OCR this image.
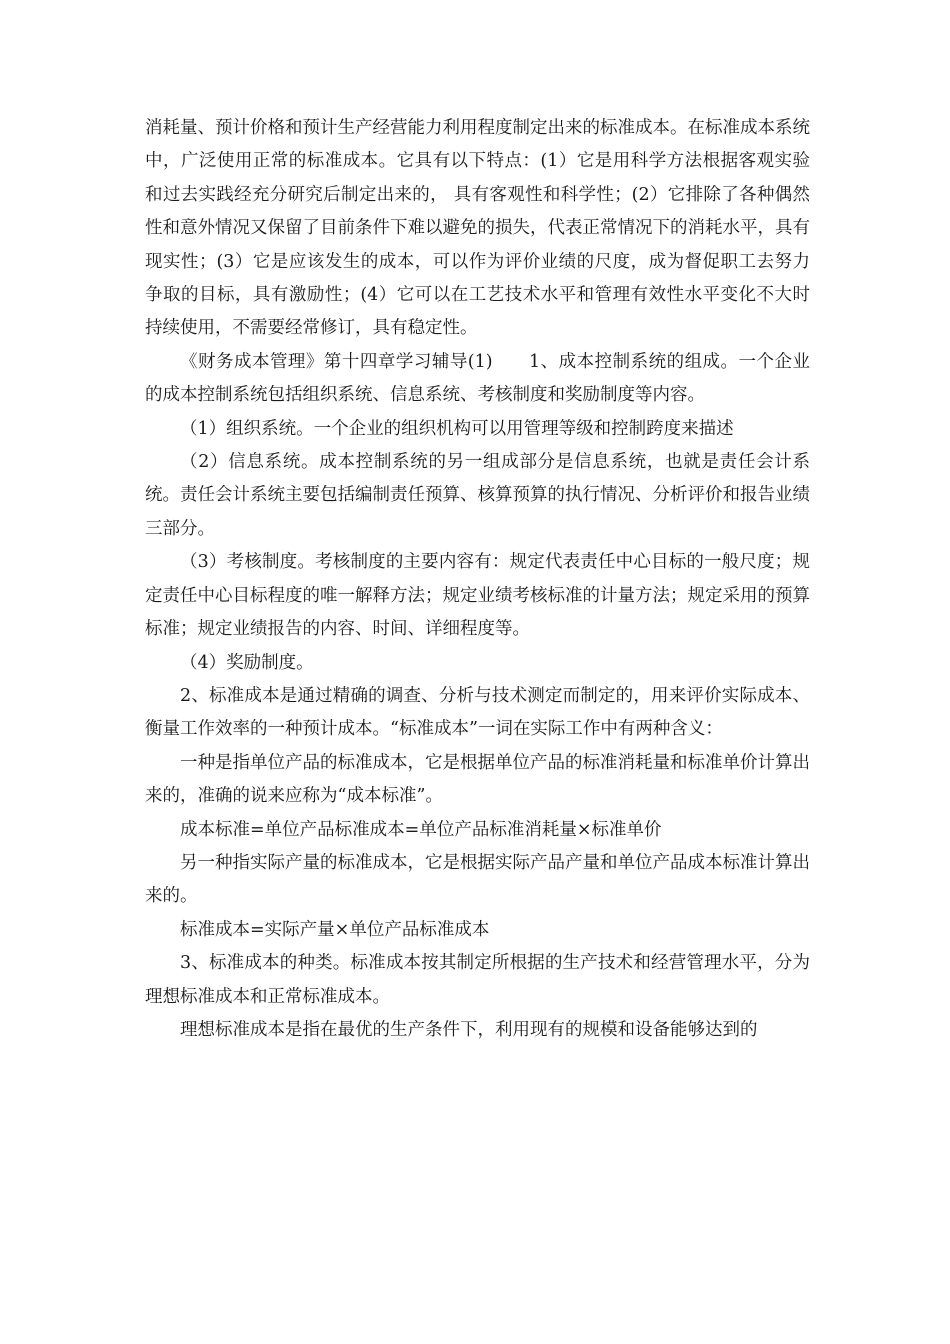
消耗量、预计价格和预计生产经营能力利用程度制定出来的标准成本。在标准成本系统中，广泛使用正常的标准成本。它具有以下特点：(1）它是用科学方法根据客观实验和过去实践经充分研究后制定出来的， 具有客观性和科学性；(2）它排除了各种偶然性和意外情况又保留了目前条件下难以避免的损失，代表正常情况下的消耗水平，具有现实性；(3）它是应该发生的成本，可以作为评价业绩的尺度，成为督促职工去努力争取的目标，具有激励性；(4）它可以在工艺技术水平和管理有效性水平变化不大时持续使用，不需要经常修订，具有稳定性。

《财务成本管理》第十四章学习辅导(1)　　1、成本控制系统的组成。一个企业的成本控制系统包括组织系统、信息系统、考核制度和奖励制度等内容。

（1）组织系统。一个企业的组织机构可以用管理等级和控制跨度来描述

（2）信息系统。成本控制系统的另一组成部分是信息系统，也就是责任会计系统。责任会计系统主要包括编制责任预算、核算预算的执行情况、分析评价和报告业绩三部分。

（3）考核制度。考核制度的主要内容有：规定代表责任中心目标的一般尺度；规定责任中心目标程度的唯一解释方法；规定业绩考核标准的计量方法；规定采用的预算标准；规定业绩报告的内容、时间、详细程度等。

（4）奖励制度。

2、标准成本是通过精确的调查、分析与技术测定而制定的，用来评价实际成本、衡量工作效率的一种预计成本。“标准成本”一词在实际工作中有两种含义：

一种是指单位产品的标准成本，它是根据单位产品的标准消耗量和标准单价计算出来的，准确的说来应称为“成本标准”。

成本标准=单位产品标准成本=单位产品标准消耗量×标准单价

另一种指实际产量的标准成本，它是根据实际产品产量和单位产品成本标准计算出来的。

标准成本=实际产量×单位产品标准成本

3、标准成本的种类。标准成本按其制定所根据的生产技术和经营管理水平，分为理想标准成本和正常标准成本。

理想标准成本是指在最优的生产条件下，利用现有的规模和设备能够达到的
